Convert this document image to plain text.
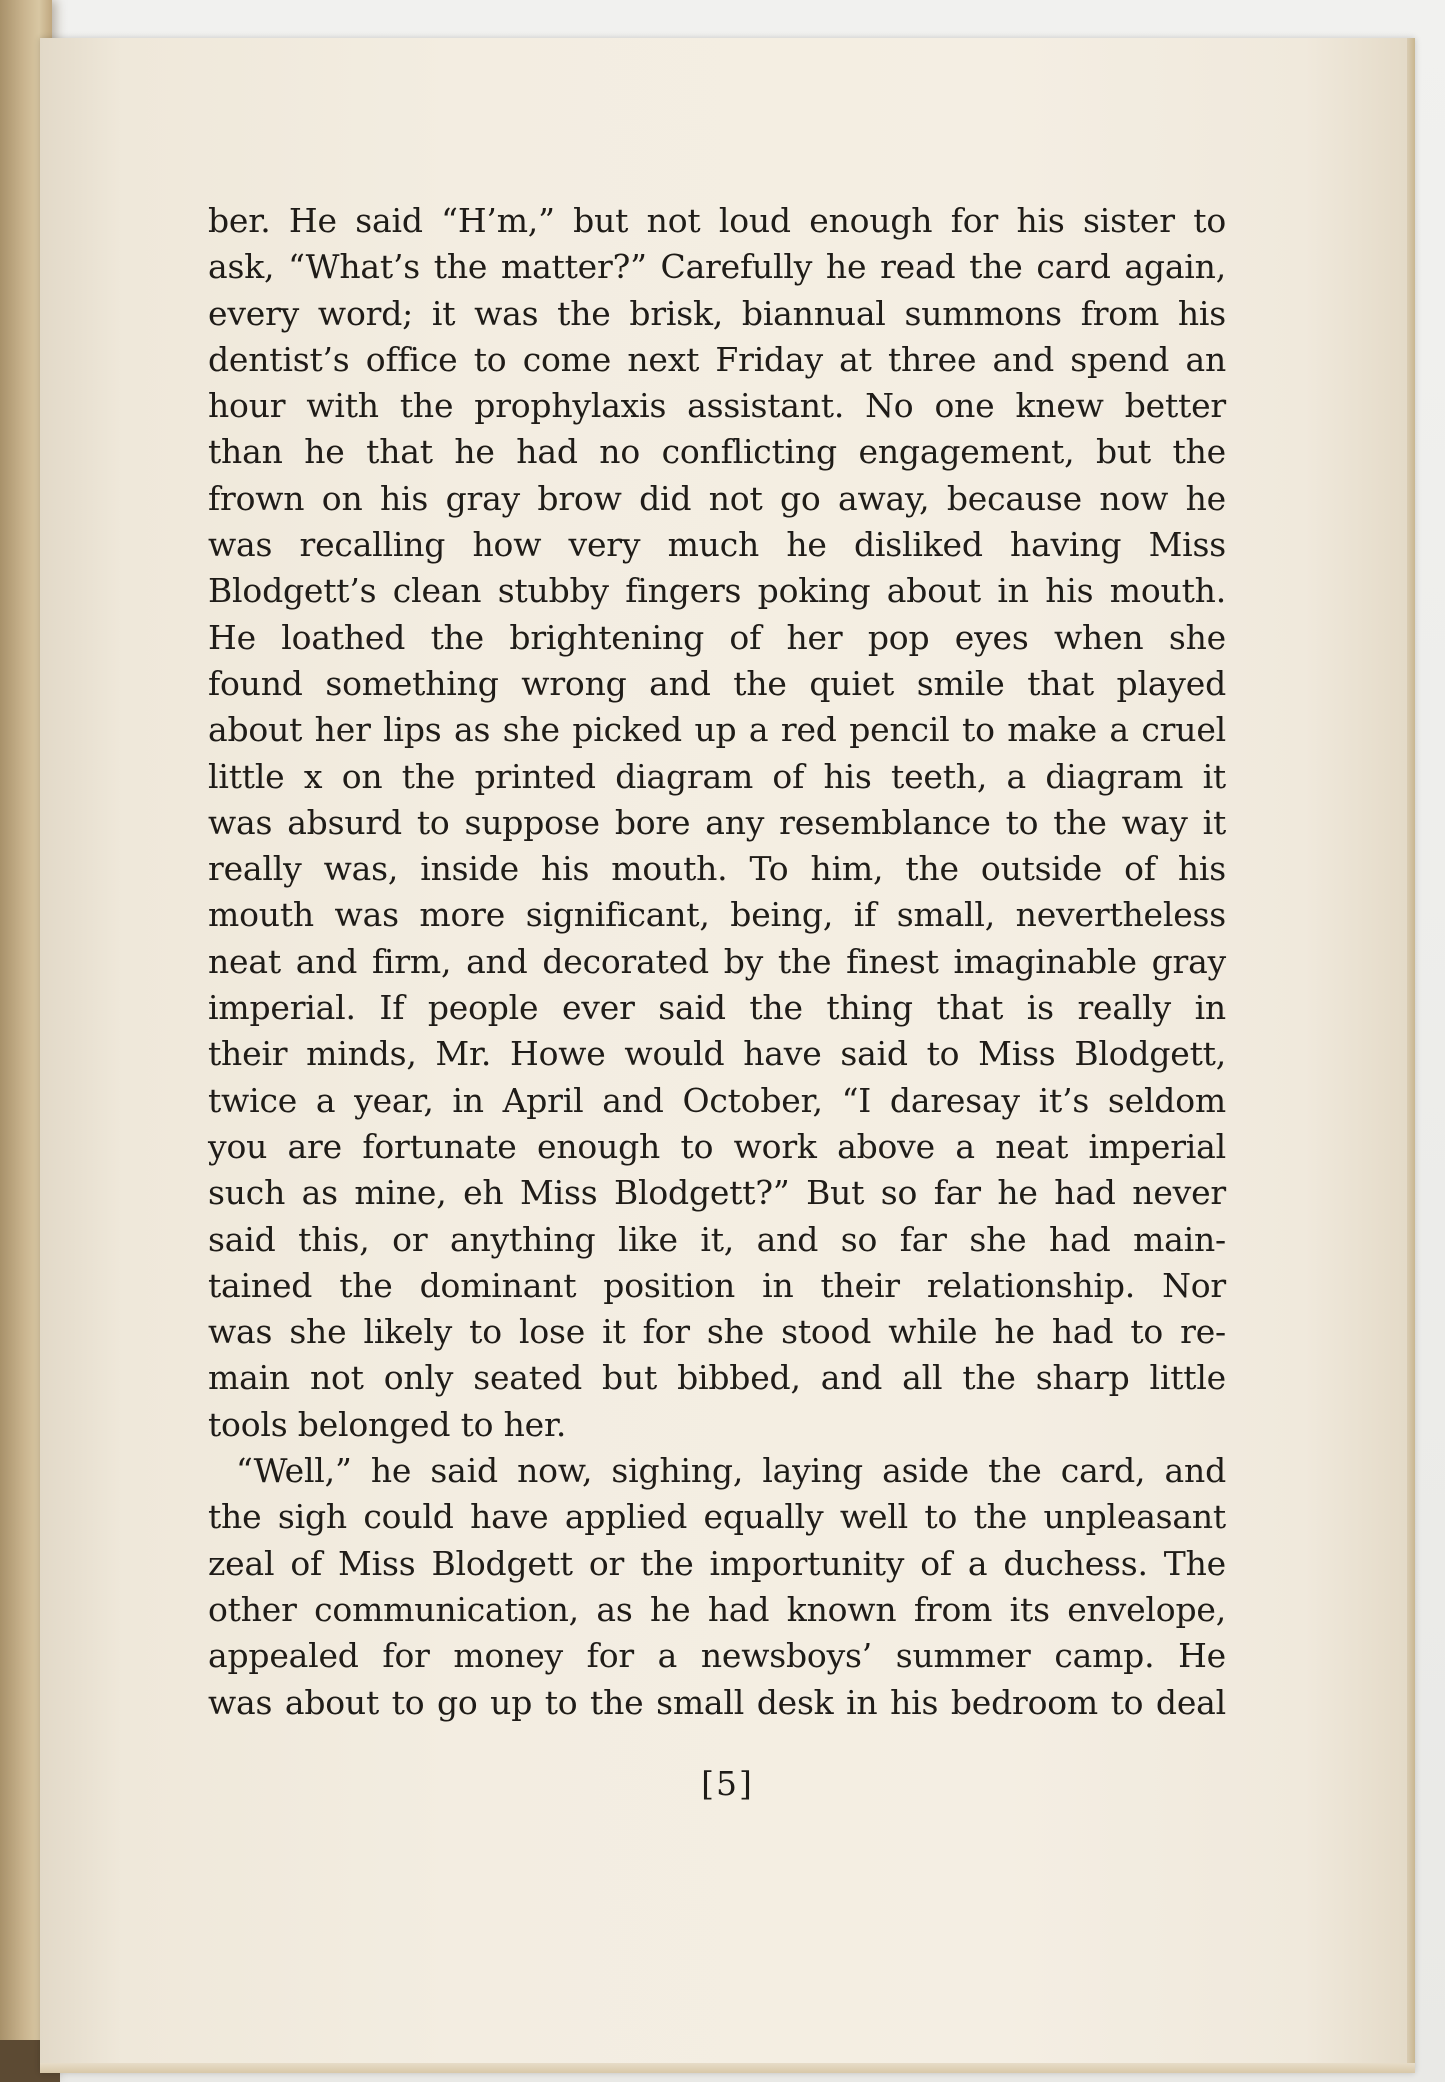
ber. He said “H’m,” but not loud enough for his sister to
ask, “What’s the matter?” Carefully he read the card again,
every word; it was the brisk, biannual summons from his
dentist’s office to come next Friday at three and spend an
hour with the prophylaxis assistant. No one knew better
than he that he had no conflicting engagement, but the
frown on his gray brow did not go away, because now he
was recalling how very much he disliked having Miss
Blodgett’s clean stubby fingers poking about in his mouth.
He loathed the brightening of her pop eyes when she
found something wrong and the quiet smile that played
about her lips as she picked up a red pencil to make a cruel
little x on the printed diagram of his teeth, a diagram it
was absurd to suppose bore any resemblance to the way it
really was, inside his mouth. To him, the outside of his
mouth was more significant, being, if small, nevertheless
neat and firm, and decorated by the finest imaginable gray
imperial. If people ever said the thing that is really in
their minds, Mr. Howe would have said to Miss Blodgett,
twice a year, in April and October, “I daresay it’s seldom
you are fortunate enough to work above a neat imperial
such as mine, eh Miss Blodgett?” But so far he had never
said this, or anything like it, and so far she had main-
tained the dominant position in their relationship. Nor
was she likely to lose it for she stood while he had to re-
main not only seated but bibbed, and all the sharp little
tools belonged to her.
“Well,” he said now, sighing, laying aside the card, and
the sigh could have applied equally well to the unpleasant
zeal of Miss Blodgett or the importunity of a duchess. The
other communication, as he had known from its envelope,
appealed for money for a newsboys’ summer camp. He
was about to go up to the small desk in his bedroom to deal
[5]
